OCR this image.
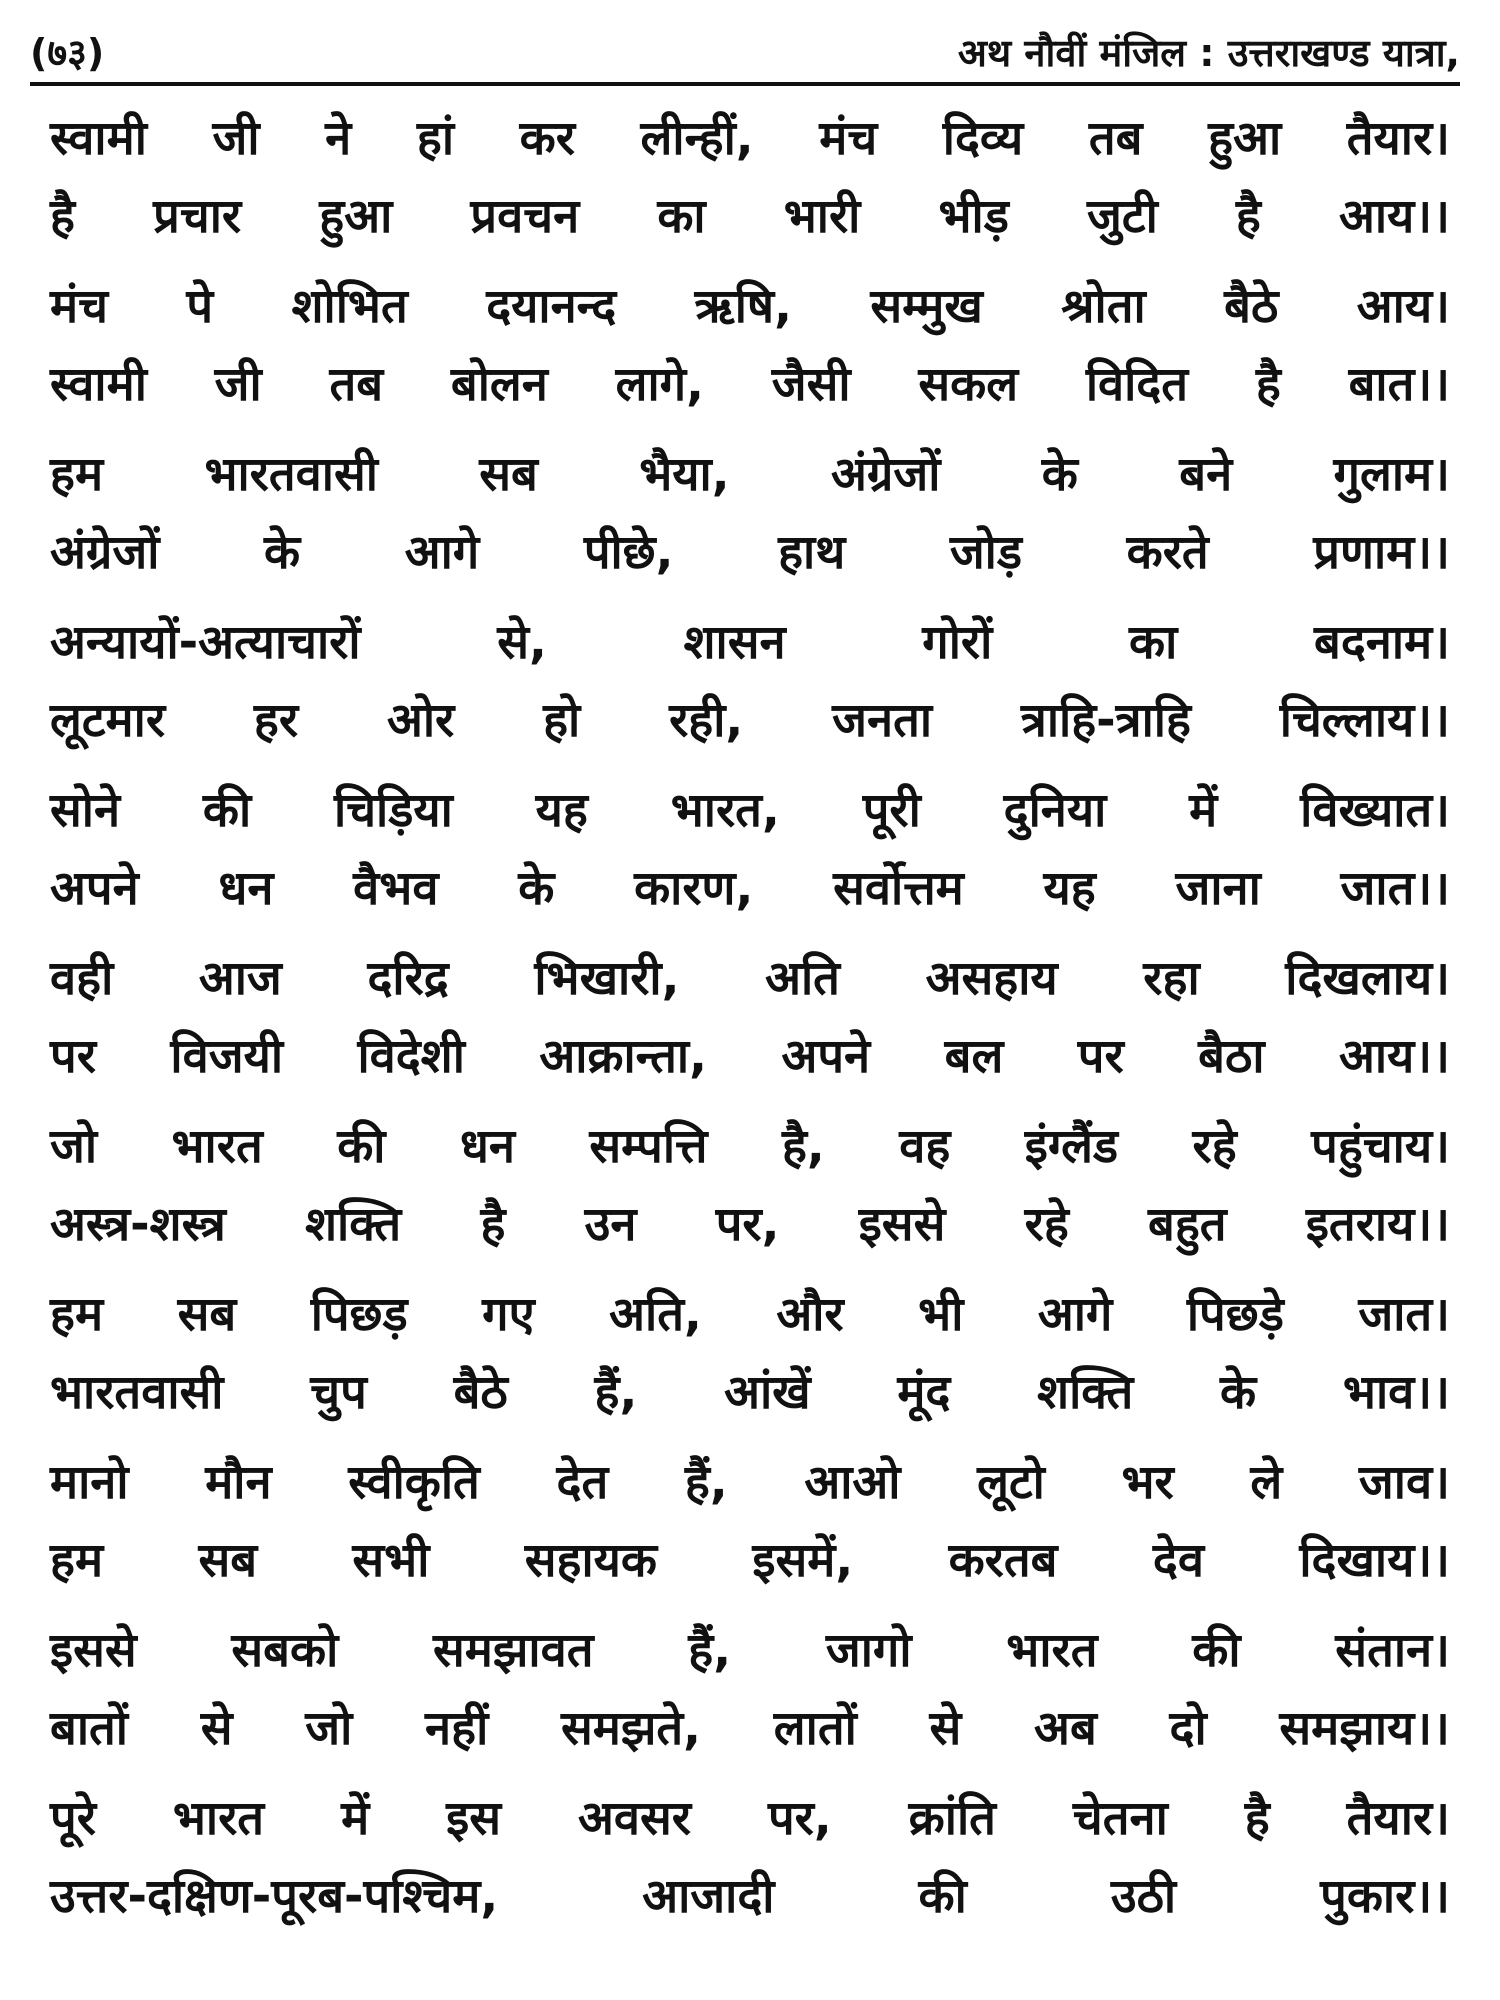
(७३)	अथ नौवीं मंजिल : उत्तराखण्ड यात्रा,
स्वामी जी ने हां कर लीन्हीं, मंच दिव्य तब हुआ तैयार।
है प्रचार हुआ प्रवचन का भारी भीड़ जुटी है आय।।
मंच पे शोभित दयानन्द ऋषि, सम्मुख श्रोता बैठे आय।
स्वामी जी तब बोलन लागे, जैसी सकल विदित है बात।।
हम भारतवासी सब भैया, अंग्रेजों के बने गुलाम।
अंग्रेजों के आगे पीछे, हाथ जोड़ करते प्रणाम।।
अन्यायों-अत्याचारों	से,	शासन	गोरों	का	बदनाम।
लूटमार हर ओर हो रही, जनता त्राहि-त्राहि चिल्लाय।।
सोने की चिड़िया यह भारत, पूरी दुनिया में विख्यात।
अपने धन वैभव के कारण, सर्वोत्तम यह जाना जात।।
वही आज दरिद्र भिखारी, अति असहाय रहा दिखलाय।
पर विजयी विदेशी आक्रान्ता, अपने बल पर बैठा आय।।
जो भारत की धन सम्पत्ति है, वह इंग्लैंड रहे पहुंचाय।
अस्त्र-शस्त्र शक्ति है उन पर, इससे रहे बहुत इतराय।।
हम सब पिछड़ गए अति, और भी आगे पिछड़े जात।
भारतवासी चुप बैठे हैं, आंखें मूंद शक्ति के भाव।।
मानो मौन स्वीकृति देत हैं, आओ लूटो भर ले जाव।
हम सब सभी सहायक इसमें, करतब देव दिखाय।।
इससे सबको समझावत हैं, जागो भारत की संतान।
बातों से जो नहीं समझते, लातों से अब दो समझाय।।
पूरे भारत में इस अवसर पर, क्रांति चेतना है तैयार।
उत्तर-दक्षिण-पूरब-पश्चिम,	आजादी	की	उठी	पुकार।।
